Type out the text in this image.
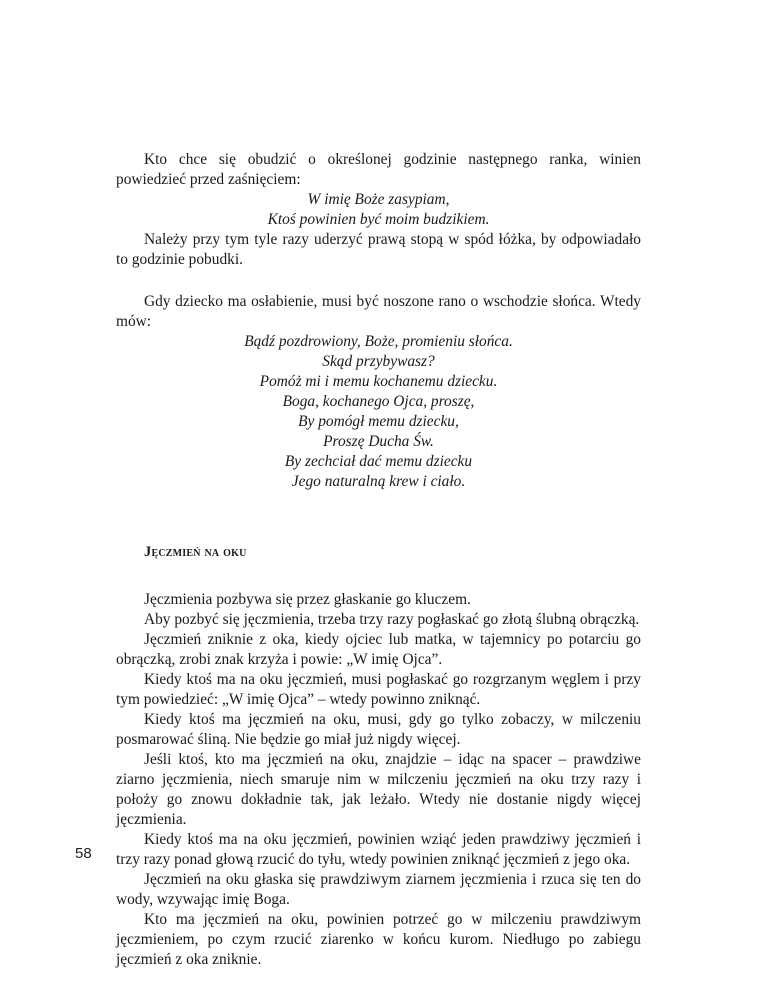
Kto chce się obudzić o określonej godzinie następnego ranka, winien powiedzieć przed zaśnięciem:

W imię Boże zasypiam,
Ktoś powinien być moim budzikiem.

Należy przy tym tyle razy uderzyć prawą stopą w spód łóżka, by odpowiadało to godzinie pobudki.

Gdy dziecko ma osłabienie, musi być noszone rano o wschodzie słońca. Wtedy mów:

Bądź pozdrowiony, Boże, promieniu słońca.
Skąd przybywasz?
Pomóż mi i memu kochanemu dziecku.
Boga, kochanego Ojca, proszę,
By pomógł memu dziecku,
Proszę Ducha Św.
By zechciał dać memu dziecku
Jego naturalną krew i ciało.
Jęczmień na oku

Jęczmienia pozbywa się przez głaskanie go kluczem.

Aby pozbyć się jęczmienia, trzeba trzy razy pogłaskać go złotą ślubną obrączką.

Jęczmień zniknie z oka, kiedy ojciec lub matka, w tajemnicy po potarciu go obrączką, zrobi znak krzyża i powie: „W imię Ojca”.

Kiedy ktoś ma na oku jęczmień, musi pogłaskać go rozgrzanym węglem i przy tym powiedzieć: „W imię Ojca” – wtedy powinno zniknąć.

Kiedy ktoś ma jęczmień na oku, musi, gdy go tylko zobaczy, w milczeniu posmarować śliną. Nie będzie go miał już nigdy więcej.

Jeśli ktoś, kto ma jęczmień na oku, znajdzie – idąc na spacer – prawdziwe ziarno jęczmienia, niech smaruje nim w milczeniu jęczmień na oku trzy razy i położy go znowu dokładnie tak, jak leżało. Wtedy nie dostanie nigdy więcej jęczmienia.

Kiedy ktoś ma na oku jęczmień, powinien wziąć jeden prawdziwy jęczmień i trzy razy ponad głową rzucić do tyłu, wtedy powinien zniknąć jęczmień z jego oka.

Jęczmień na oku głaska się prawdziwym ziarnem jęczmienia i rzuca się ten do wody, wzywając imię Boga.

Kto ma jęczmień na oku, powinien potrzeć go w milczeniu prawdziwym jęczmieniem, po czym rzucić ziarenko w końcu kurom. Niedługo po zabiegu jęczmień z oka zniknie.

58
